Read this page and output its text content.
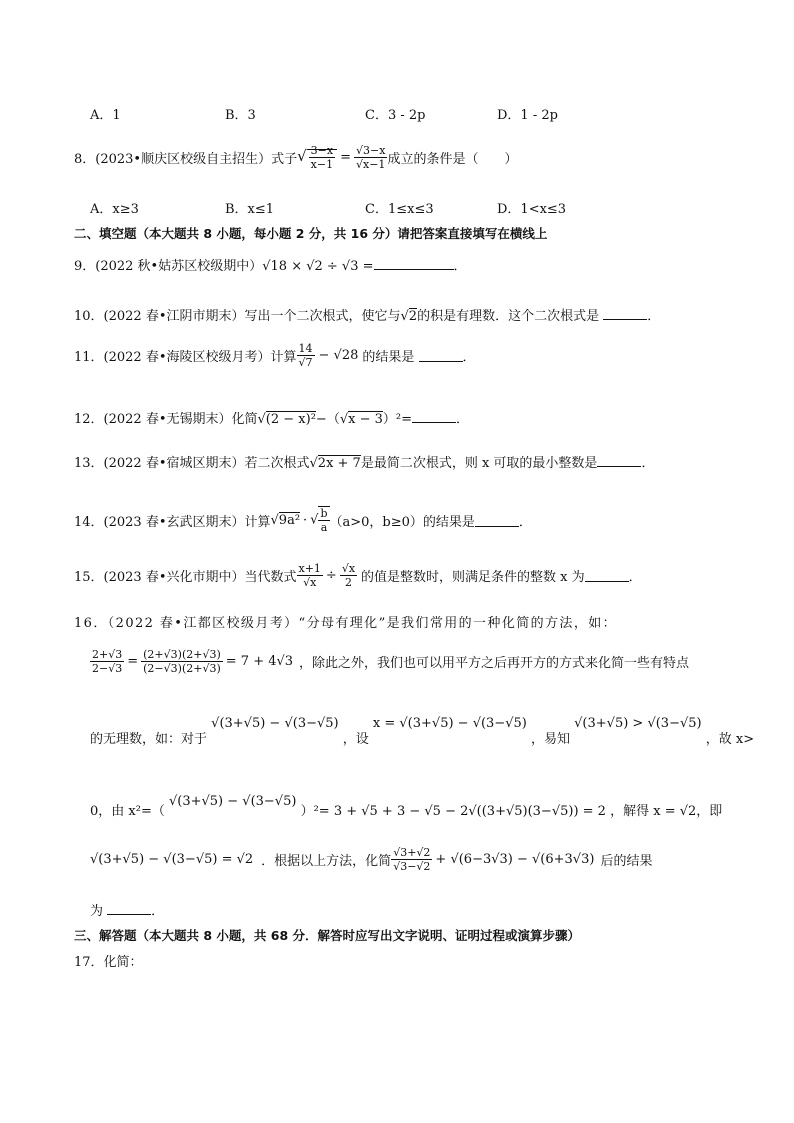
A．1	B．3	C．3 - 2p	D．1 - 2p
8．(2023•顺庆区校级自主招生）式子 √ $\frac{3-x}{x-1} = \frac{√3-x}{√x-1}$ 成立的条件是（　　）
A．x≥3	B．x≤1	C．1≤x≤3	D．1<x≤3
二、填空题（本大题共 8 小题，每小题 2 分，共 16 分）请把答案直接填写在横线上
9．(2022 秋•姑苏区校级期中）√18 × √2 ÷ √3 =	．
10．(2022 春•江阴市期末）写出一个二次根式，使它与√2的积是有理数．这个二次根式是	．
11．(2022 春•海陵区校级月考）计算 $\frac{14}{√7} - √28$ 的结果是
	．
12．(2022 春•无锡期末）化简√(2 − x)²−（√x − 3）²=	．
13．(2022 春•宿城区期末）若二次根式√2x + 7是最简二次根式，则 x 可取的最小整数是	．
14．(2023 春•玄武区期末）计算 √9a² · √ $\frac{b}{a} (a>0$，b≥0）的结果是	．
15．(2023 春•兴化市期中）当代数式 $\frac{x+1}{√x} \div \frac{√x}{2}$ 的值是整数时，则满足条件的整数 x 为	．
16．（2022 春•江都区校级月考）“分母有理化”是我们常用的一种化简的方法，如：
$\frac{2+√3}{2-√3} = \frac{(2+√3)(2+√3)}{(2-√3)(2+√3)} = 7 + 4√3$ ，除此之外，我们也可以用平方之后再开方的方式来化简一些有特点
的无理数，如：对于 √(3+√5) − √(3−√5) ，设 x = √(3+√5) − √(3−√5) ，易知 √(3+√5) > √(3−√5) ，故 x>
0，由 x²=（ √(3+√5) − √(3−√5) ）²= 3 + √5 + 3 − √5 − 2√((3+√5)(3−√5)) = 2 ，解得 x = √2，即
√(3+√5) − √(3−√5) = √2 ．根据以上方法，化简 $\frac{√3+√2}{√3-√2} + √(6-3√3) - √(6+3√3)$ 后的结果
为	．
三、解答题（本大题共 8 小题，共 68 分．解答时应写出文字说明、证明过程或演算步骤）
17．化简：
